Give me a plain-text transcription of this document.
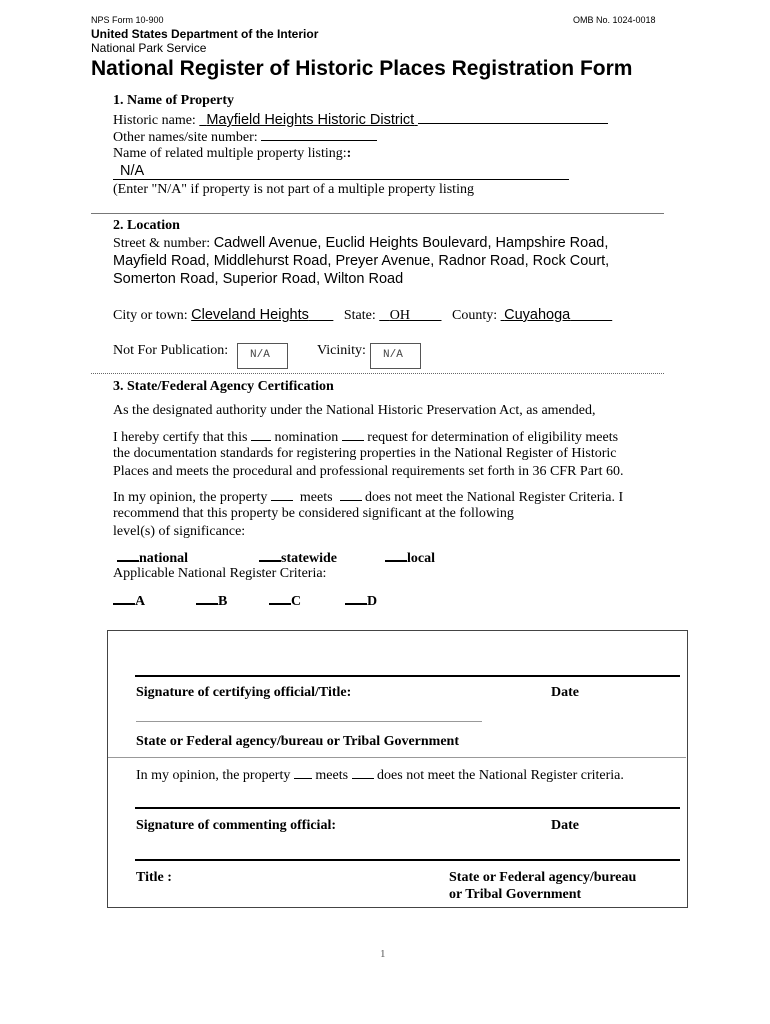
NPS Form 10-900	OMB No. 1024-0018
United States Department of the Interior
National Park Service
National Register of Historic Places Registration Form
1. Name of Property
Historic name: Mayfield Heights Historic District
Other names/site number:
Name of related multiple property listing::
N/A
(Enter "N/A" if property is not part of a multiple property listing
2. Location
Street & number: Cadwell Avenue, Euclid Heights Boulevard, Hampshire Road,
Mayfield Road, Middlehurst Road, Preyer Avenue, Radnor Road, Rock Court,
Somerton Road, Superior Road, Wilton Road
City or town: Cleveland Heights	State: OH	County: Cuyahoga
Not For Publication: N/A	Vicinity: N/A
3. State/Federal Agency Certification
As the designated authority under the National Historic Preservation Act, as amended,
I hereby certify that this nomination request for determination of eligibility meets
the documentation standards for registering properties in the National Register of Historic
Places and meets the procedural and professional requirements set forth in 36 CFR Part 60.
In my opinion, the property meets does not meet the National Register Criteria. I
recommend that this property be considered significant at the following
level(s) of significance:
national	statewide	local
Applicable National Register Criteria:
A	B	C	D
Signature of certifying official/Title:	Date
State or Federal agency/bureau or Tribal Government
In my opinion, the property meets does not meet the National Register criteria.
Signature of commenting official:	Date
Title :	State or Federal agency/bureau
or Tribal Government
1
